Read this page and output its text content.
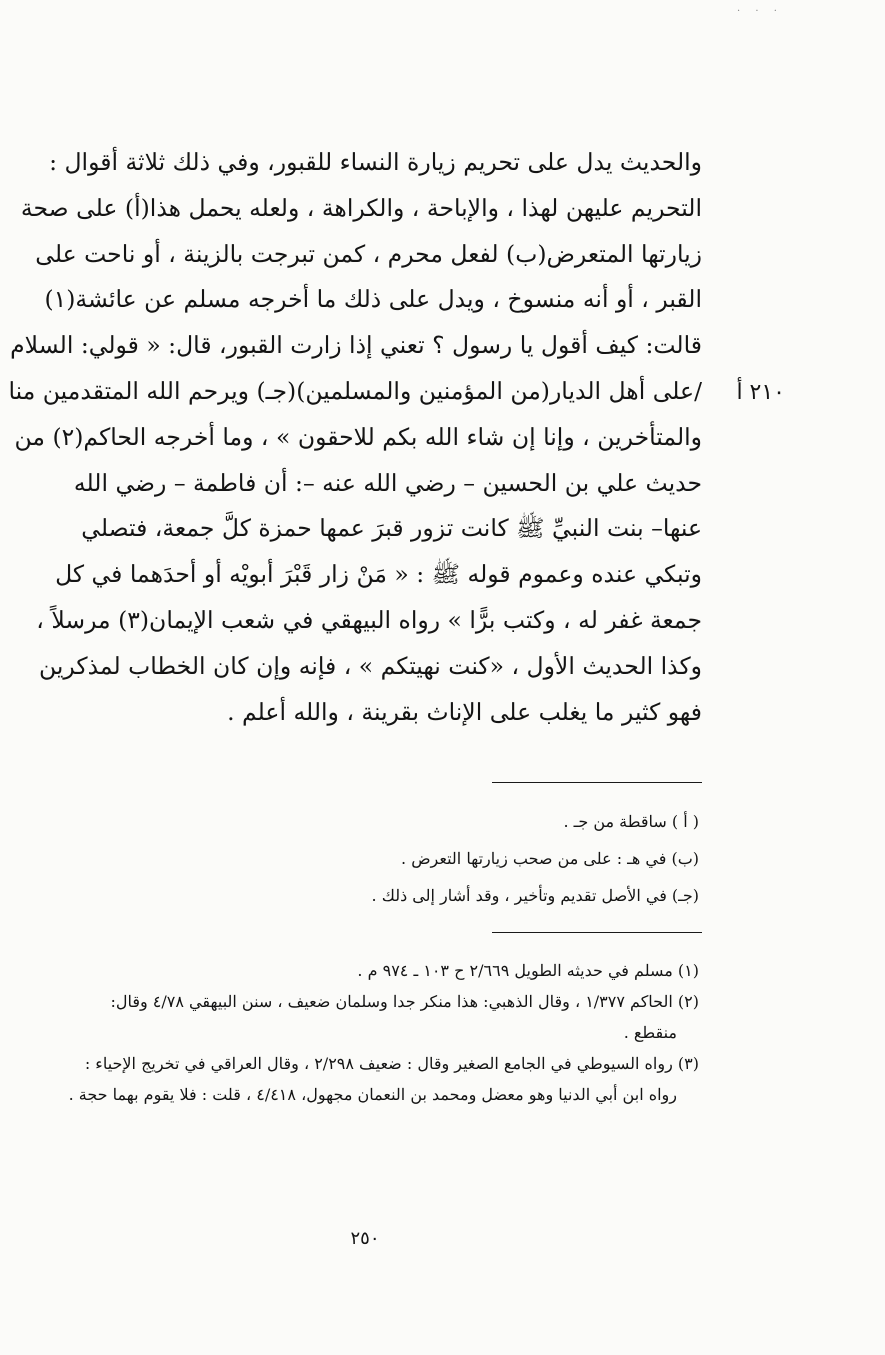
· · ·
والحديث يدل على تحريم زيارة النساء للقبور، وفي ذلك ثلاثة أقوال :
التحريم عليهن لهذا ، والإباحة ، والكراهة ، ولعله يحمل هذا(أ) على صحة
زيارتها المتعرض(ب) لفعل محرم ، كمن تبرجت بالزينة ، أو ناحت على
القبر ، أو أنه منسوخ ، ويدل على ذلك ما أخرجه مسلم عن عائشة(١)
قالت: كيف أقول يا رسول ؟ تعني إذا زارت القبور، قال: « قولي: السلام
/على أهل الديار(من المؤمنين والمسلمين)(جـ) ويرحم الله المتقدمين منا
والمتأخرين ، وإنا إن شاء الله بكم للاحقون » ، وما أخرجه الحاكم(٢) من
حديث علي بن الحسين – رضي الله عنه –: أن فاطمة – رضي الله
عنها– بنت النبيِّ ﷺ كانت تزور قبرَ عمها حمزة كلَّ جمعة، فتصلي
وتبكي عنده وعموم قوله ﷺ : « مَنْ زار قَبْرَ أبويْه أو أحدَهما في كل
جمعة غفر له ، وكتب برًّا » رواه البيهقي في شعب الإيمان(٣) مرسلاً ،
وكذا الحديث الأول ، «كنت نهيتكم » ، فإنه وإن كان الخطاب لمذكرين
فهو كثير ما يغلب على الإناث بقرينة ، والله أعلم .
٢١٠ أ
( أ ) ساقطة من جـ .
(ب) في هـ : على من صحب زيارتها التعرض .
(جـ) في الأصل تقديم وتأخير ، وقد أشار إلى ذلك .
(١) مسلم في حديثه الطويل ٢/٦٦٩ ح ١٠٣ ـ ٩٧٤ م .
(٢) الحاكم ١/٣٧٧ ، وقال الذهبي: هذا منكر جدا وسلمان ضعيف ، سنن البيهقي ٤/٧٨ وقال:
منقطع .
(٣) رواه السيوطي في الجامع الصغير وقال : ضعيف ٢/٢٩٨ ، وقال العراقي في تخريج الإحياء :
رواه ابن أبي الدنيا وهو معضل ومحمد بن النعمان مجهول، ٤/٤١٨ ، قلت : فلا يقوم بهما حجة .
٢٥٠
